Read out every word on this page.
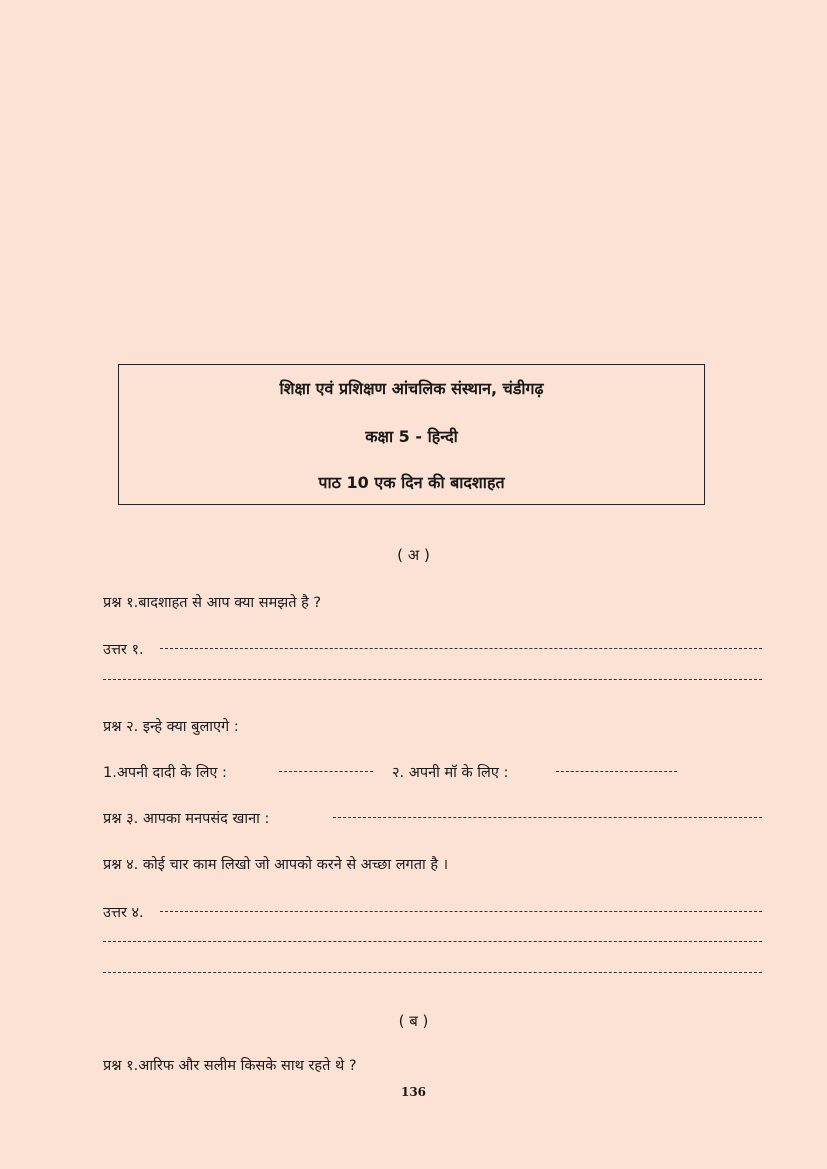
शिक्षा एवं प्रशिक्षण आंचलिक संस्थान, चंडीगढ़
कक्षा 5 - हिन्दी
पाठ 10 एक दिन की बादशाहत
( अ )
प्रश्न १.बादशाहत से आप क्या समझते है ?
उत्तर १.
प्रश्न २. इन्हे क्या बुलाएगे :
1.अपनी दादी के लिए :	२. अपनी मॉ के लिए :
प्रश्न ३. आपका मनपसंद खाना :
प्रश्न ४. कोई चार काम लिखो जो आपको करने से अच्छा लगता है ।
उत्तर ४.
( ब )
प्रश्न १.आरिफ और सलीम किसके साथ रहते थे ?
136
